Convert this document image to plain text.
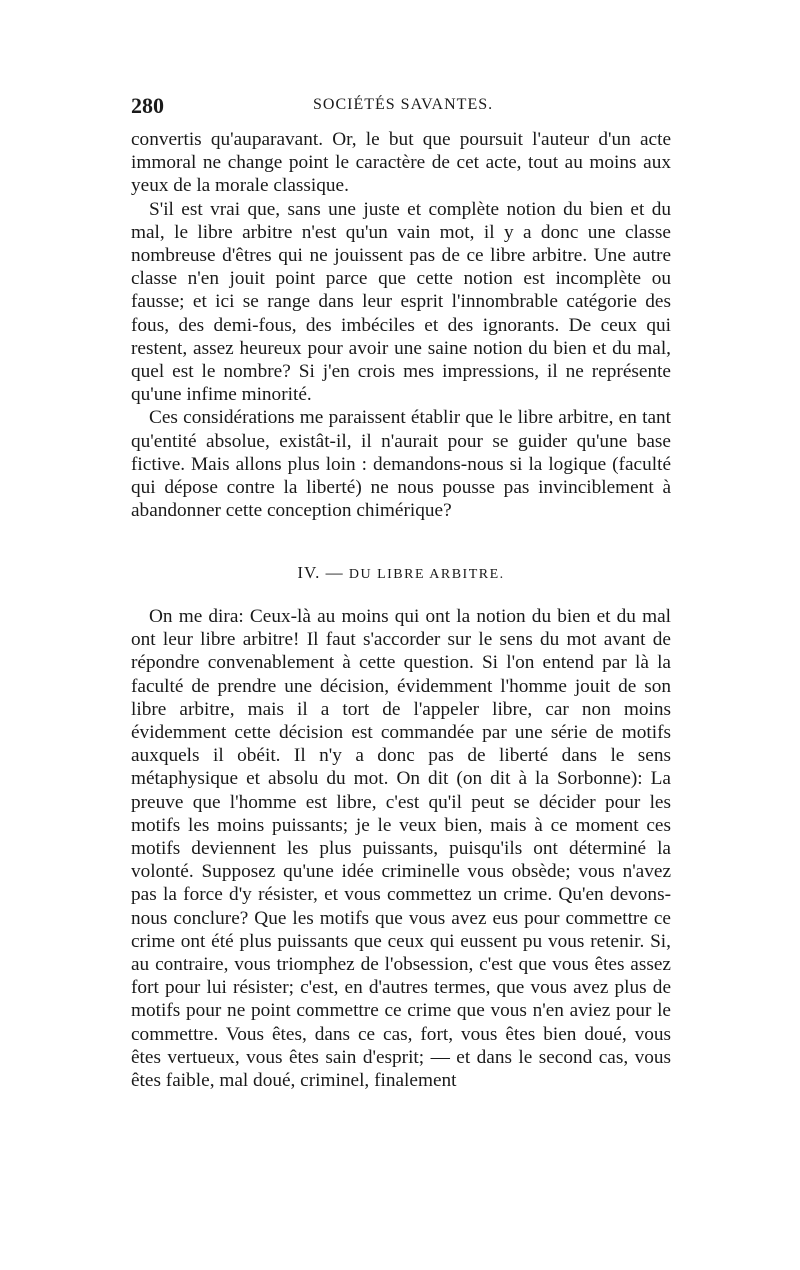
280	SOCIÉTÉS SAVANTES.

convertis qu'auparavant. Or, le but que poursuit l'auteur d'un acte immoral ne change point le caractère de cet acte, tout au moins aux yeux de la morale classique.

S'il est vrai que, sans une juste et complète notion du bien et du mal, le libre arbitre n'est qu'un vain mot, il y a donc une classe nombreuse d'êtres qui ne jouissent pas de ce libre arbitre. Une autre classe n'en jouit point parce que cette notion est incomplète ou fausse; et ici se range dans leur esprit l'innombrable catégorie des fous, des demi-fous, des imbéciles et des ignorants. De ceux qui restent, assez heureux pour avoir une saine notion du bien et du mal, quel est le nombre? Si j'en crois mes impressions, il ne représente qu'une infime minorité.

Ces considérations me paraissent établir que le libre arbitre, en tant qu'entité absolue, existât-il, il n'aurait pour se guider qu'une base fictive. Mais allons plus loin : demandons-nous si la logique (faculté qui dépose contre la liberté) ne nous pousse pas invinciblement à abandonner cette conception chimérique?

IV. — DU LIBRE ARBITRE.

On me dira: Ceux-là au moins qui ont la notion du bien et du mal ont leur libre arbitre! Il faut s'accorder sur le sens du mot avant de répondre convenablement à cette question. Si l'on entend par là la faculté de prendre une décision, évidemment l'homme jouit de son libre arbitre, mais il a tort de l'appeler libre, car non moins évidemment cette décision est commandée par une série de motifs auxquels il obéit. Il n'y a donc pas de liberté dans le sens métaphysique et absolu du mot. On dit (on dit à la Sorbonne): La preuve que l'homme est libre, c'est qu'il peut se décider pour les motifs les moins puissants; je le veux bien, mais à ce moment ces motifs deviennent les plus puissants, puisqu'ils ont déterminé la volonté. Supposez qu'une idée criminelle vous obsède; vous n'avez pas la force d'y résister, et vous commettez un crime. Qu'en devons-nous conclure? Que les motifs que vous avez eus pour commettre ce crime ont été plus puissants que ceux qui eussent pu vous retenir. Si, au contraire, vous triomphez de l'obsession, c'est que vous êtes assez fort pour lui résister; c'est, en d'autres termes, que vous avez plus de motifs pour ne point commettre ce crime que vous n'en aviez pour le commettre. Vous êtes, dans ce cas, fort, vous êtes bien doué, vous êtes vertueux, vous êtes sain d'esprit; — et dans le second cas, vous êtes faible, mal doué, criminel, finalement
